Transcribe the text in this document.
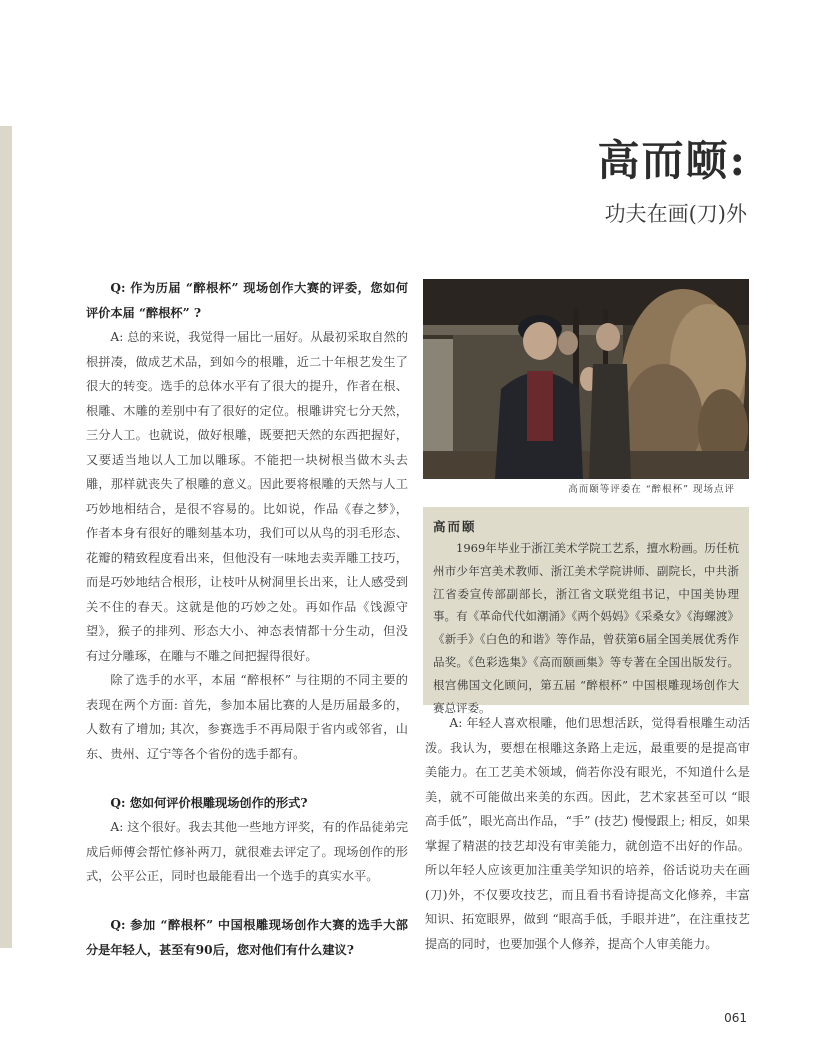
高而颐:
功夫在画(刀)外

Q: 作为历届 “醉根杯” 现场创作大赛的评委，您如何评价本届 “醉根杯” ?

A: 总的来说，我觉得一届比一届好。从最初采取自然的根拼凑，做成艺术品，到如今的根雕，近二十年根艺发生了很大的转变。选手的总体水平有了很大的提升，作者在根、根雕、木雕的差别中有了很好的定位。根雕讲究七分天然，三分人工。也就说，做好根雕，既要把天然的东西把握好，又要适当地以人工加以雕琢。不能把一块树根当做木头去雕，那样就丧失了根雕的意义。因此要将根雕的天然与人工巧妙地相结合，是很不容易的。比如说，作品《春之梦》，作者本身有很好的雕刻基本功，我们可以从鸟的羽毛形态、花瓣的精致程度看出来，但他没有一味地去卖弄雕工技巧，而是巧妙地结合根形，让枝叶从树洞里长出来，让人感受到关不住的春天。这就是他的巧妙之处。再如作品《饯源守望》，猴子的排列、形态大小、神态表情都十分生动，但没有过分雕琢，在雕与不雕之间把握得很好。

除了选手的水平，本届 “醉根杯” 与往期的不同主要的表现在两个方面: 首先，参加本届比赛的人是历届最多的，人数有了增加; 其次，参赛选手不再局限于省内或邻省，山东、贵州、辽宁等各个省份的选手都有。

Q: 您如何评价根雕现场创作的形式?

A: 这个很好。我去其他一些地方评奖，有的作品徒弟完成后师傅会帮忙修补两刀，就很难去评定了。现场创作的形式，公平公正，同时也最能看出一个选手的真实水平。

Q: 参加 “醉根杯” 中国根雕现场创作大赛的选手大部分是年轻人，甚至有90后，您对他们有什么建议?

高而颐等评委在 “醉根杯” 现场点评
高而颐
1969年毕业于浙江美术学院工艺系，擅水粉画。历任杭州市少年宫美术教师、浙江美术学院讲师、副院长，中共浙江省委宣传部副部长，浙江省文联党组书记，中国美协理事。有《革命代代如潮涌》《两个妈妈》《采桑女》《海螺渡》《新手》《白色的和谐》等作品，曾获第6届全国美展优秀作品奖。《色彩选集》《高而颐画集》等专著在全国出版发行。根宫佛国文化顾问，第五届 “醉根杯” 中国根雕现场创作大赛总评委。

A: 年轻人喜欢根雕，他们思想活跃，觉得看根雕生动活泼。我认为，要想在根雕这条路上走远，最重要的是提高审美能力。在工艺美术领域，倘若你没有眼光，不知道什么是美，就不可能做出来美的东西。因此，艺术家甚至可以 “眼高手低”，眼光高出作品，“手” (技艺) 慢慢跟上; 相反，如果掌握了精湛的技艺却没有审美能力，就创造不出好的作品。所以年轻人应该更加注重美学知识的培养，俗话说功夫在画(刀)外，不仅要攻技艺，而且看书看诗提高文化修养，丰富知识、拓宽眼界，做到 “眼高手低，手眼并进”，在注重技艺提高的同时，也要加强个人修养，提高个人审美能力。

061
